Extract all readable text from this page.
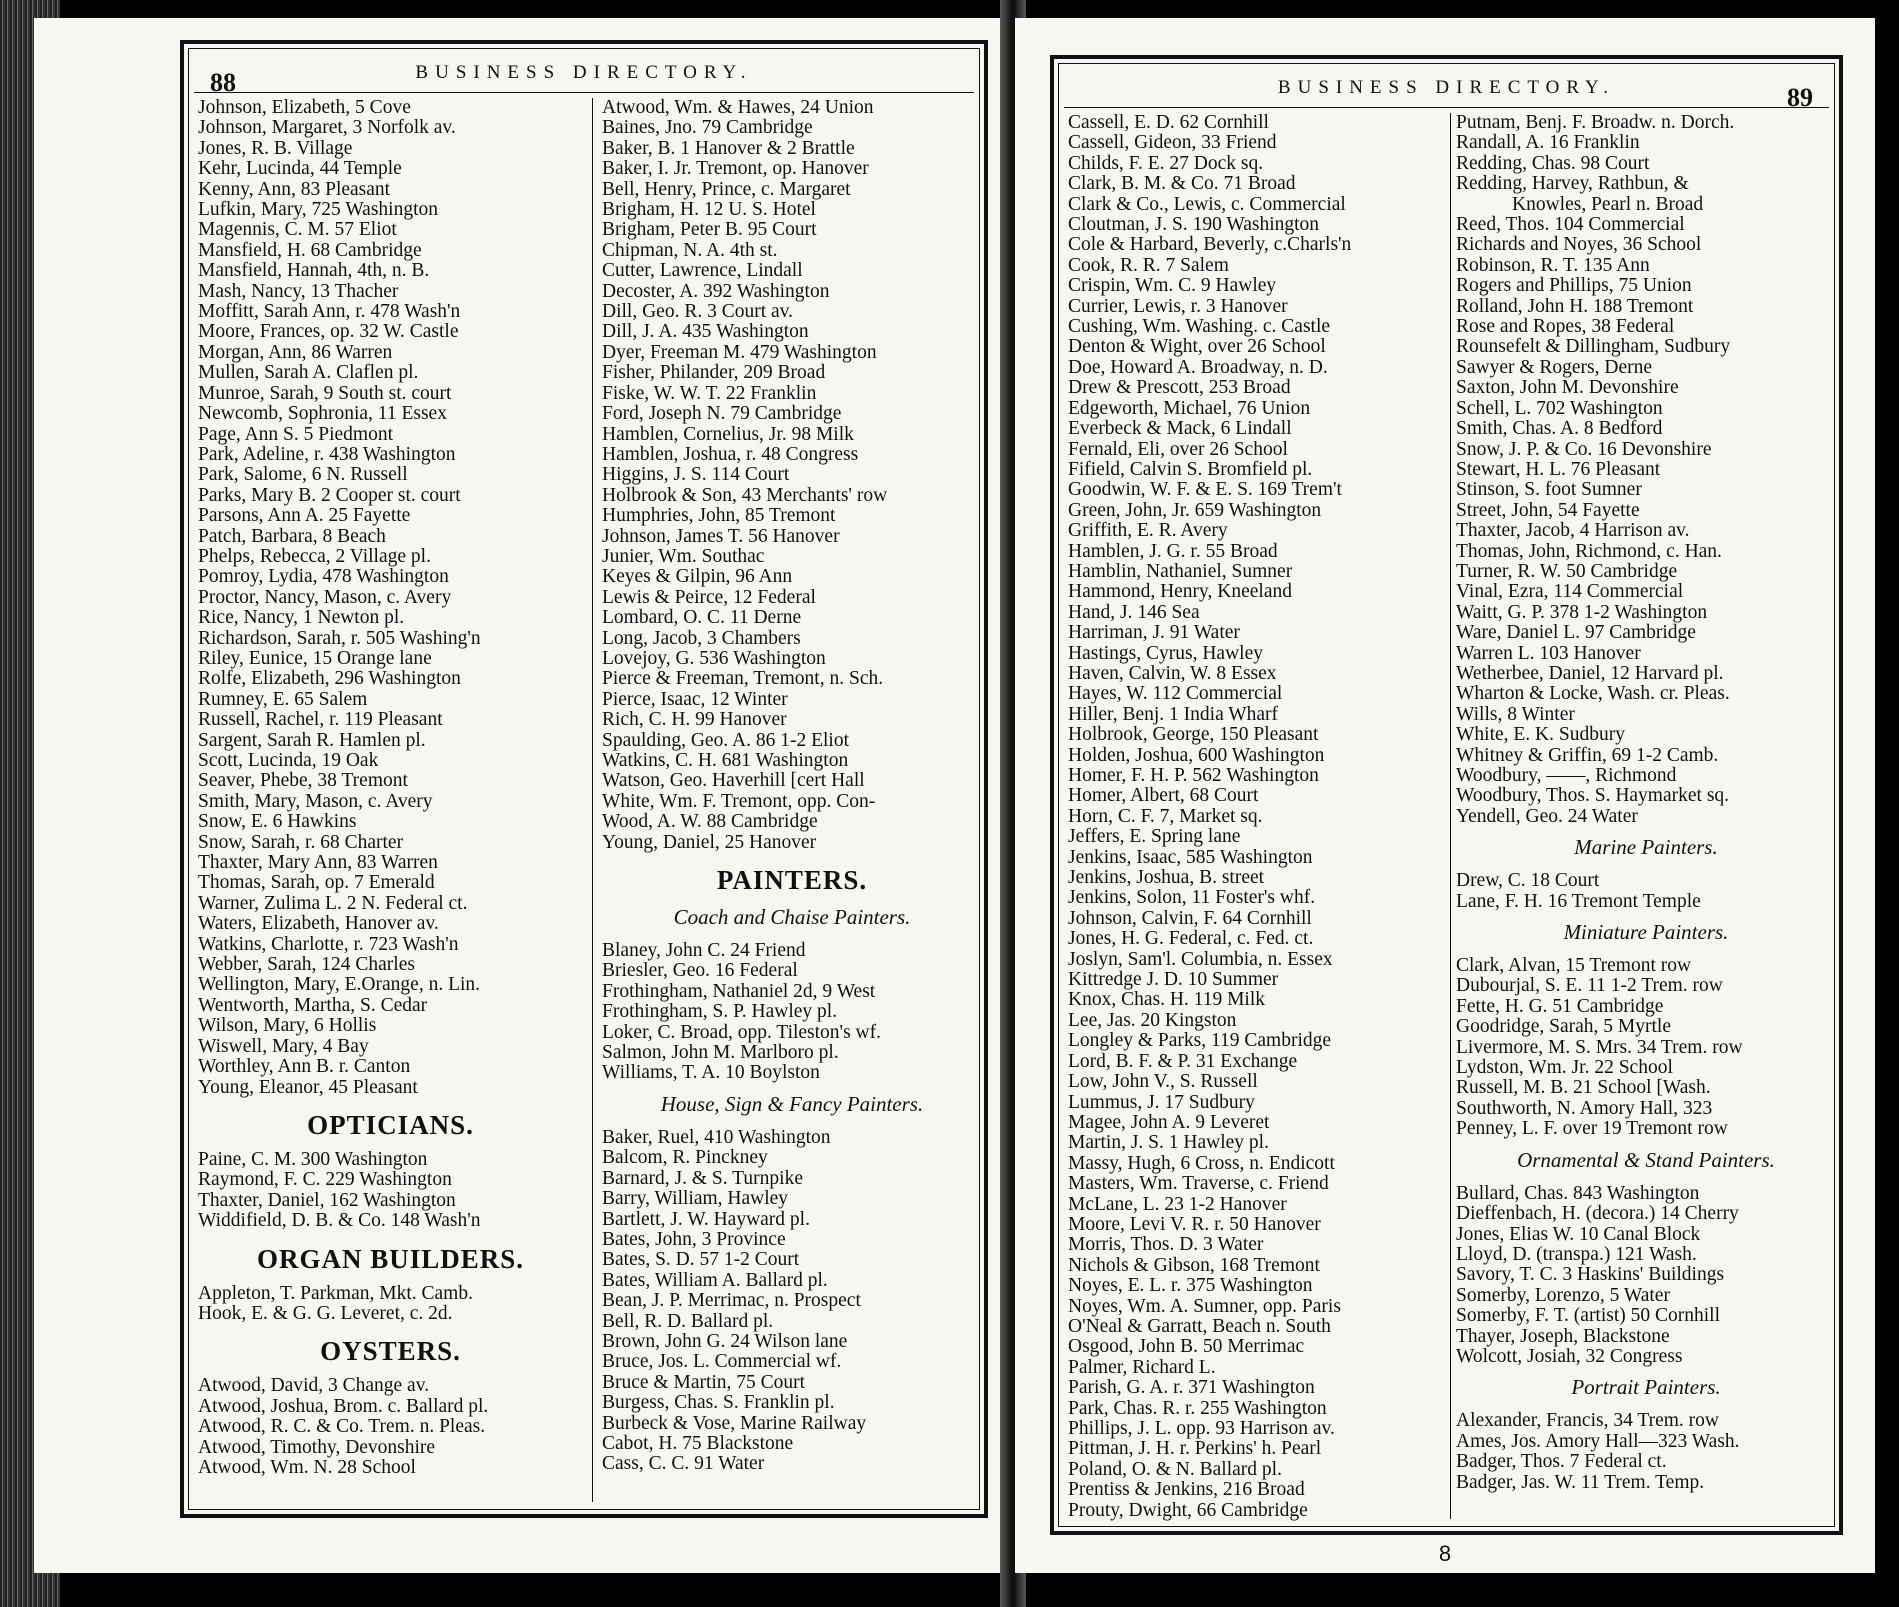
88	BUSINESS DIRECTORY.
Johnson, Elizabeth, 5 Cove
Johnson, Margaret, 3 Norfolk av.
Jones, R. B. Village
Kehr, Lucinda, 44 Temple
Kenny, Ann, 83 Pleasant
Lufkin, Mary, 725 Washington
Magennis, C. M. 57 Eliot
Mansfield, H. 68 Cambridge
Mansfield, Hannah, 4th, n. B.
Mash, Nancy, 13 Thacher
Moffitt, Sarah Ann, r. 478 Wash'n
Moore, Frances, op. 32 W. Castle
Morgan, Ann, 86 Warren
Mullen, Sarah A. Claflen pl.
Munroe, Sarah, 9 South st. court
Newcomb, Sophronia, 11 Essex
Page, Ann S. 5 Piedmont
Park, Adeline, r. 438 Washington
Park, Salome, 6 N. Russell
Parks, Mary B. 2 Cooper st. court
Parsons, Ann A. 25 Fayette
Patch, Barbara, 8 Beach
Phelps, Rebecca, 2 Village pl.
Pomroy, Lydia, 478 Washington
Proctor, Nancy, Mason, c. Avery
Rice, Nancy, 1 Newton pl.
Richardson, Sarah, r. 505 Washing'n
Riley, Eunice, 15 Orange lane
Rolfe, Elizabeth, 296 Washington
Rumney, E. 65 Salem
Russell, Rachel, r. 119 Pleasant
Sargent, Sarah R. Hamlen pl.
Scott, Lucinda, 19 Oak
Seaver, Phebe, 38 Tremont
Smith, Mary, Mason, c. Avery
Snow, E. 6 Hawkins
Snow, Sarah, r. 68 Charter
Thaxter, Mary Ann, 83 Warren
Thomas, Sarah, op. 7 Emerald
Warner, Zulima L. 2 N. Federal ct.
Waters, Elizabeth, Hanover av.
Watkins, Charlotte, r. 723 Wash'n
Webber, Sarah, 124 Charles
Wellington, Mary, E.Orange, n. Lin.
Wentworth, Martha, S. Cedar
Wilson, Mary, 6 Hollis
Wiswell, Mary, 4 Bay
Worthley, Ann B. r. Canton
Young, Eleanor, 45 Pleasant
OPTICIANS.
Paine, C. M. 300 Washington
Raymond, F. C. 229 Washington
Thaxter, Daniel, 162 Washington
Widdifield, D. B. & Co. 148 Wash'n
ORGAN BUILDERS.
Appleton, T. Parkman, Mkt. Camb.
Hook, E. & G. G. Leveret, c. 2d.
OYSTERS.
Atwood, David, 3 Change av.
Atwood, Joshua, Brom. c. Ballard pl.
Atwood, R. C. & Co. Trem. n. Pleas.
Atwood, Timothy, Devonshire
Atwood, Wm. N. 28 School
Atwood, Wm. & Hawes, 24 Union
Baines, Jno. 79 Cambridge
Baker, B. 1 Hanover & 2 Brattle
Baker, I. Jr. Tremont, op. Hanover
Bell, Henry, Prince, c. Margaret
Brigham, H. 12 U. S. Hotel
Brigham, Peter B. 95 Court
Chipman, N. A. 4th st.
Cutter, Lawrence, Lindall
Decoster, A. 392 Washington
Dill, Geo. R. 3 Court av.
Dill, J. A. 435 Washington
Dyer, Freeman M. 479 Washington
Fisher, Philander, 209 Broad
Fiske, W. W. T. 22 Franklin
Ford, Joseph N. 79 Cambridge
Hamblen, Cornelius, Jr. 98 Milk
Hamblen, Joshua, r. 48 Congress
Higgins, J. S. 114 Court
Holbrook & Son, 43 Merchants' row
Humphries, John, 85 Tremont
Johnson, James T. 56 Hanover
Junier, Wm. Southac
Keyes & Gilpin, 96 Ann
Lewis & Peirce, 12 Federal
Lombard, O. C. 11 Derne
Long, Jacob, 3 Chambers
Lovejoy, G. 536 Washington
Pierce & Freeman, Tremont, n. Sch.
Pierce, Isaac, 12 Winter
Rich, C. H. 99 Hanover
Spaulding, Geo. A. 86 1-2 Eliot
Watkins, C. H. 681 Washington
Watson, Geo. Haverhill [cert Hall
White, Wm. F. Tremont, opp. Con-
Wood, A. W. 88 Cambridge
Young, Daniel, 25 Hanover
PAINTERS.
Coach and Chaise Painters.
Blaney, John C. 24 Friend
Briesler, Geo. 16 Federal
Frothingham, Nathaniel 2d, 9 West
Frothingham, S. P. Hawley pl.
Loker, C. Broad, opp. Tileston's wf.
Salmon, John M. Marlboro pl.
Williams, T. A. 10 Boylston
House, Sign & Fancy Painters.
Baker, Ruel, 410 Washington
Balcom, R. Pinckney
Barnard, J. & S. Turnpike
Barry, William, Hawley
Bartlett, J. W. Hayward pl.
Bates, John, 3 Province
Bates, S. D. 57 1-2 Court
Bates, William A. Ballard pl.
Bean, J. P. Merrimac, n. Prospect
Bell, R. D. Ballard pl.
Brown, John G. 24 Wilson lane
Bruce, Jos. L. Commercial wf.
Bruce & Martin, 75 Court
Burgess, Chas. S. Franklin pl.
Burbeck & Vose, Marine Railway
Cabot, H. 75 Blackstone
Cass, C. C. 91 Water
BUSINESS DIRECTORY.	89
Cassell, E. D. 62 Cornhill
Cassell, Gideon, 33 Friend
Childs, F. E. 27 Dock sq.
Clark, B. M. & Co. 71 Broad
Clark & Co., Lewis, c. Commercial
Cloutman, J. S. 190 Washington
Cole & Harbard, Beverly, c.Charls'n
Cook, R. R. 7 Salem
Crispin, Wm. C. 9 Hawley
Currier, Lewis, r. 3 Hanover
Cushing, Wm. Washing. c. Castle
Denton & Wight, over 26 School
Doe, Howard A. Broadway, n. D.
Drew & Prescott, 253 Broad
Edgeworth, Michael, 76 Union
Everbeck & Mack, 6 Lindall
Fernald, Eli, over 26 School
Fifield, Calvin S. Bromfield pl.
Goodwin, W. F. & E. S. 169 Trem't
Green, John, Jr. 659 Washington
Griffith, E. R. Avery
Hamblen, J. G. r. 55 Broad
Hamblin, Nathaniel, Sumner
Hammond, Henry, Kneeland
Hand, J. 146 Sea
Harriman, J. 91 Water
Hastings, Cyrus, Hawley
Haven, Calvin, W. 8 Essex
Hayes, W. 112 Commercial
Hiller, Benj. 1 India Wharf
Holbrook, George, 150 Pleasant
Holden, Joshua, 600 Washington
Homer, F. H. P. 562 Washington
Homer, Albert, 68 Court
Horn, C. F. 7, Market sq.
Jeffers, E. Spring lane
Jenkins, Isaac, 585 Washington
Jenkins, Joshua, B. street
Jenkins, Solon, 11 Foster's whf.
Johnson, Calvin, F. 64 Cornhill
Jones, H. G. Federal, c. Fed. ct.
Joslyn, Sam'l. Columbia, n. Essex
Kittredge J. D. 10 Summer
Knox, Chas. H. 119 Milk
Lee, Jas. 20 Kingston
Longley & Parks, 119 Cambridge
Lord, B. F. & P. 31 Exchange
Low, John V., S. Russell
Lummus, J. 17 Sudbury
Magee, John A. 9 Leveret
Martin, J. S. 1 Hawley pl.
Massy, Hugh, 6 Cross, n. Endicott
Masters, Wm. Traverse, c. Friend
McLane, L. 23 1-2 Hanover
Moore, Levi V. R. r. 50 Hanover
Morris, Thos. D. 3 Water
Nichols & Gibson, 168 Tremont
Noyes, E. L. r. 375 Washington
Noyes, Wm. A. Sumner, opp. Paris
O'Neal & Garratt, Beach n. South
Osgood, John B. 50 Merrimac
Palmer, Richard L.
Parish, G. A. r. 371 Washington
Park, Chas. R. r. 255 Washington
Phillips, J. L. opp. 93 Harrison av.
Pittman, J. H. r. Perkins' h. Pearl
Poland, O. & N. Ballard pl.
Prentiss & Jenkins, 216 Broad
Prouty, Dwight, 66 Cambridge
Putnam, Benj. F. Broadw. n. Dorch.
Randall, A. 16 Franklin
Redding, Chas. 98 Court
Redding, Harvey, Rathbun, &
Knowles, Pearl n. Broad
Reed, Thos. 104 Commercial
Richards and Noyes, 36 School
Robinson, R. T. 135 Ann
Rogers and Phillips, 75 Union
Rolland, John H. 188 Tremont
Rose and Ropes, 38 Federal
Rounsefelt & Dillingham, Sudbury
Sawyer & Rogers, Derne
Saxton, John M. Devonshire
Schell, L. 702 Washington
Smith, Chas. A. 8 Bedford
Snow, J. P. & Co. 16 Devonshire
Stewart, H. L. 76 Pleasant
Stinson, S. foot Sumner
Street, John, 54 Fayette
Thaxter, Jacob, 4 Harrison av.
Thomas, John, Richmond, c. Han.
Turner, R. W. 50 Cambridge
Vinal, Ezra, 114 Commercial
Waitt, G. P. 378 1-2 Washington
Ware, Daniel L. 97 Cambridge
Warren L. 103 Hanover
Wetherbee, Daniel, 12 Harvard pl.
Wharton & Locke, Wash. cr. Pleas.
Wills, 8 Winter
White, E. K. Sudbury
Whitney & Griffin, 69 1-2 Camb.
Woodbury, ——, Richmond
Woodbury, Thos. S. Haymarket sq.
Yendell, Geo. 24 Water
Marine Painters.
Drew, C. 18 Court
Lane, F. H. 16 Tremont Temple
Miniature Painters.
Clark, Alvan, 15 Tremont row
Dubourjal, S. E. 11 1-2 Trem. row
Fette, H. G. 51 Cambridge
Goodridge, Sarah, 5 Myrtle
Livermore, M. S. Mrs. 34 Trem. row
Lydston, Wm. Jr. 22 School
Russell, M. B. 21 School [Wash.
Southworth, N. Amory Hall, 323
Penney, L. F. over 19 Tremont row
Ornamental & Stand Painters.
Bullard, Chas. 843 Washington
Dieffenbach, H. (decora.) 14 Cherry
Jones, Elias W. 10 Canal Block
Lloyd, D. (transpa.) 121 Wash.
Savory, T. C. 3 Haskins' Buildings
Somerby, Lorenzo, 5 Water
Somerby, F. T. (artist) 50 Cornhill
Thayer, Joseph, Blackstone
Wolcott, Josiah, 32 Congress
Portrait Painters.
Alexander, Francis, 34 Trem. row
Ames, Jos. Amory Hall—323 Wash.
Badger, Thos. 7 Federal ct.
Badger, Jas. W. 11 Trem. Temp.
8
